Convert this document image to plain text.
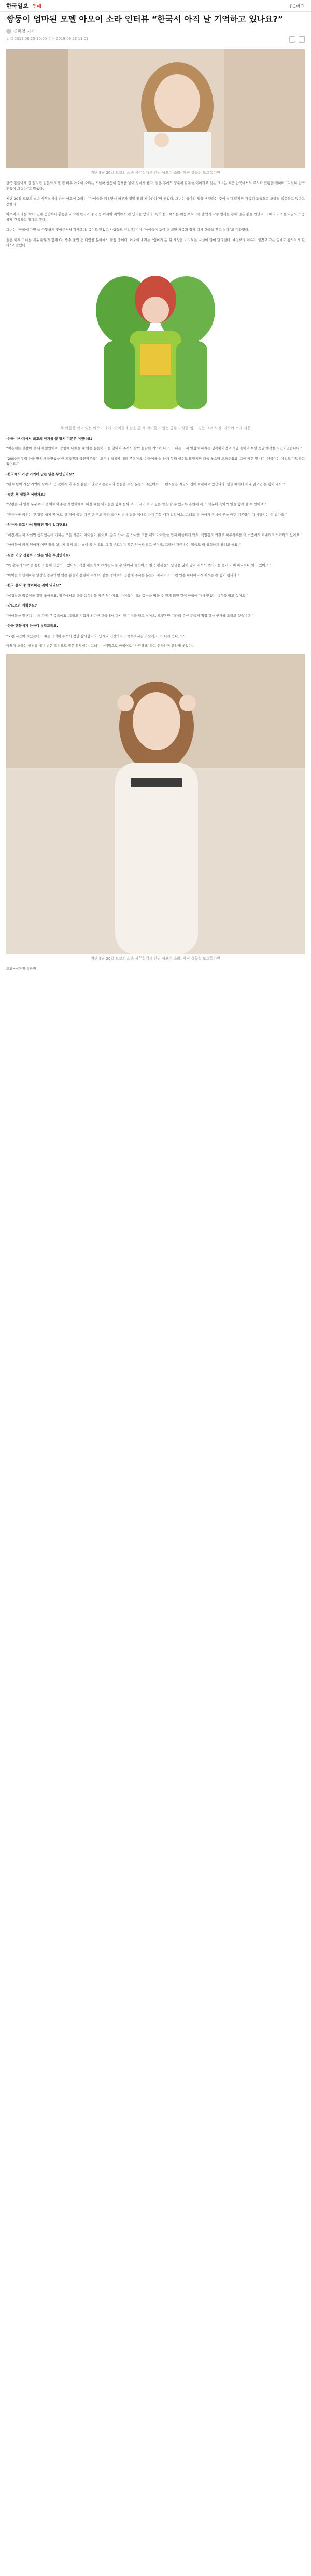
한국일보 연예	PC버전
쌍둥이 엄마된 모델 아오이 소라 인터뷰 “한국서 아직 날 기억하고 있나요?”
심동철 기자
입력 2019.09.23 10:00 수정 2019.09.23 11:03
지난 9월 20일 도쿄의 소속 사무실에서 만난 아오이 소라. 사진 심동철 도쿄특파원
한국 팬들에게 잘 알려진 일본의 모델 겸 배우 아오이 소라는 지난해 쌍둥이 형제를 낳아 엄마가 됐다. 결혼 후에도 꾸준히 활동을 이어가고 있는 그녀는 최근 한국에서의 추억과 근황을 전하며 “여전히 한국 팬들이 그립다”고 말했다.
지난 20일 도쿄의 소속 사무실에서 만난 아오이 소라는 “아이들을 키우면서 하루가 정말 빨리 지나간다”며 웃었다. 그녀는 육아와 일을 병행하는 것이 쉽지 않지만 가족의 도움으로 조금씩 적응하고 있다고 전했다.
아오이 소라는 2000년대 중반부터 활동을 시작해 한국과 중국 등 아시아 지역에서 큰 인기를 얻었다. 특히 한국에서는 예능 프로그램 출연과 각종 행사를 통해 많은 팬을 만났고, 그때의 기억을 지금도 소중하게 간직하고 있다고 했다.
그녀는 “한국에 가면 늘 따뜻하게 맞아주셔서 감사했다. 음식도 맛있고 사람들도 친절했다”며 “아이들이 조금 더 크면 가족과 함께 다시 한국을 찾고 싶다”고 덧붙였다.
결혼 이후 그녀는 배우 활동과 함께 DJ, 방송 출연 등 다양한 분야에서 활동 중이다. 아오이 소라는 “엄마가 된 뒤 세상을 바라보는 시선이 많이 달라졌다. 예전보다 여유가 생겼고 작은 일에도 감사하게 된다”고 말했다.
두 아들을 안고 있는 아오이 소라. 아이들의 탈을 쓴 채 아이들이 입는 공룡 의상을 입고 있는 그녀 사진. 아오이 소라 제공
-한국 마사지에서 최고의 인기를 끌 당시 기분은 어땠나요?
“처음에는 실감이 잘 나지 않았어요. 공항에 내렸을 때 많은 분들이 저를 알아봐 주셔서 깜짝 놀랐던 기억이 나요. 그때는 그저 열심히 하자는 생각뿐이었고 지금 돌이켜 보면 정말 행복한 시간이었습니다.”
“2009년 무렵 한국 방송에 출연했을 때 제작진과 출연자분들이 모두 친절하게 대해 주셨어요. 한국어를 잘 하지 못해 실수도 많았지만 다들 웃으며 도와주셨죠. 그때 배운 몇 마디 한국어는 아직도 기억하고 있어요.”
-한국에서 가장 기억에 남는 일은 무엇인가요?
“팬 미팅이 가장 기억에 남아요. 먼 곳에서 와 주신 분들도 많았고 손편지와 선물을 주신 분들도 계셨어요. 그 편지들은 지금도 집에 보관하고 있습니다. 힘들 때마다 꺼내 읽으면 큰 힘이 돼요.”
-결혼 후 생활은 어떤가요?
“남편은 제 일을 누구보다 잘 이해해 주는 사람이에요. 바쁠 때는 아이들을 함께 돌봐 주고, 제가 하고 싶은 일을 할 수 있도록 응원해 줘요. 덕분에 육아와 일을 함께 할 수 있어요.”
“쌍둥이를 키우는 건 정말 쉽지 않아요. 한 명이 울면 다른 한 명도 따라 울어서 밤에 잠을 제대로 자지 못할 때가 많았어요. 그래도 두 아이가 동시에 웃을 때면 피곤함이 다 사라지는 것 같아요.”
-엄마가 되고 나서 달라진 점이 있다면요?
“예전에는 제 자신만 생각했는데 이제는 모든 기준이 아이들이 됐어요. 음식 하나, 옷 하나를 고를 때도 아이들을 먼저 떠올리게 돼요. 책임감도 커졌고 하루하루를 더 소중하게 보내려고 노력하고 있어요.”
“아이들이 커서 엄마가 어떤 일을 했는지 알게 되는 날이 올 거예요. 그때 부끄럽지 않은 엄마가 되고 싶어요. 그래서 지금 하는 일들도 더 성실하게 하려고 해요.”
-요즘 가장 집중하고 있는 일은 무엇인가요?
“DJ 활동과 SNS를 통한 소통에 집중하고 있어요. 직접 팬들과 이야기를 나눌 수 있어서 즐거워요. 한국 팬분들도 댓글을 많이 남겨 주셔서 번역기를 돌려 가며 하나하나 읽고 있어요.”
“아이들과 함께하는 일상을 공유하면 많은 분들이 응원해 주세요. 같은 엄마로서 공감해 주시는 분들도 계시고요. 그런 반응 하나하나가 제게는 큰 힘이 됩니다.”
-한국 음식 중 좋아하는 것이 있나요?
“삼겹살과 떡볶이를 정말 좋아해요. 일본에서도 한국 음식점을 자주 찾아가요. 아이들이 매운 음식을 먹을 수 있게 되면 같이 한국에 가서 맛있는 음식을 먹고 싶어요.”
-앞으로의 계획은요?
“아이들을 잘 키우는 게 가장 큰 목표예요. 그리고 기회가 된다면 한국에서 다시 팬 미팅을 열고 싶어요. 오랫동안 기다려 주신 분들께 직접 감사 인사를 드리고 싶습니다.”
-한국 팬들에게 한마디 부탁드려요.
“오랜 시간이 지났는데도 저를 기억해 주셔서 정말 감사합니다. 언제나 건강하시고 행복하시길 바랄게요. 꼭 다시 만나요!”
아오이 소라는 인터뷰 내내 밝은 표정으로 질문에 답했다. 그녀는 마지막으로 한국어로 “사랑해요”라고 인사하며 환하게 웃었다.
지난 9월 20일 도쿄의 소속 사무실에서 만난 아오이 소라. 사진 심동철 도쿄특파원
도쿄=심동철 특파원
